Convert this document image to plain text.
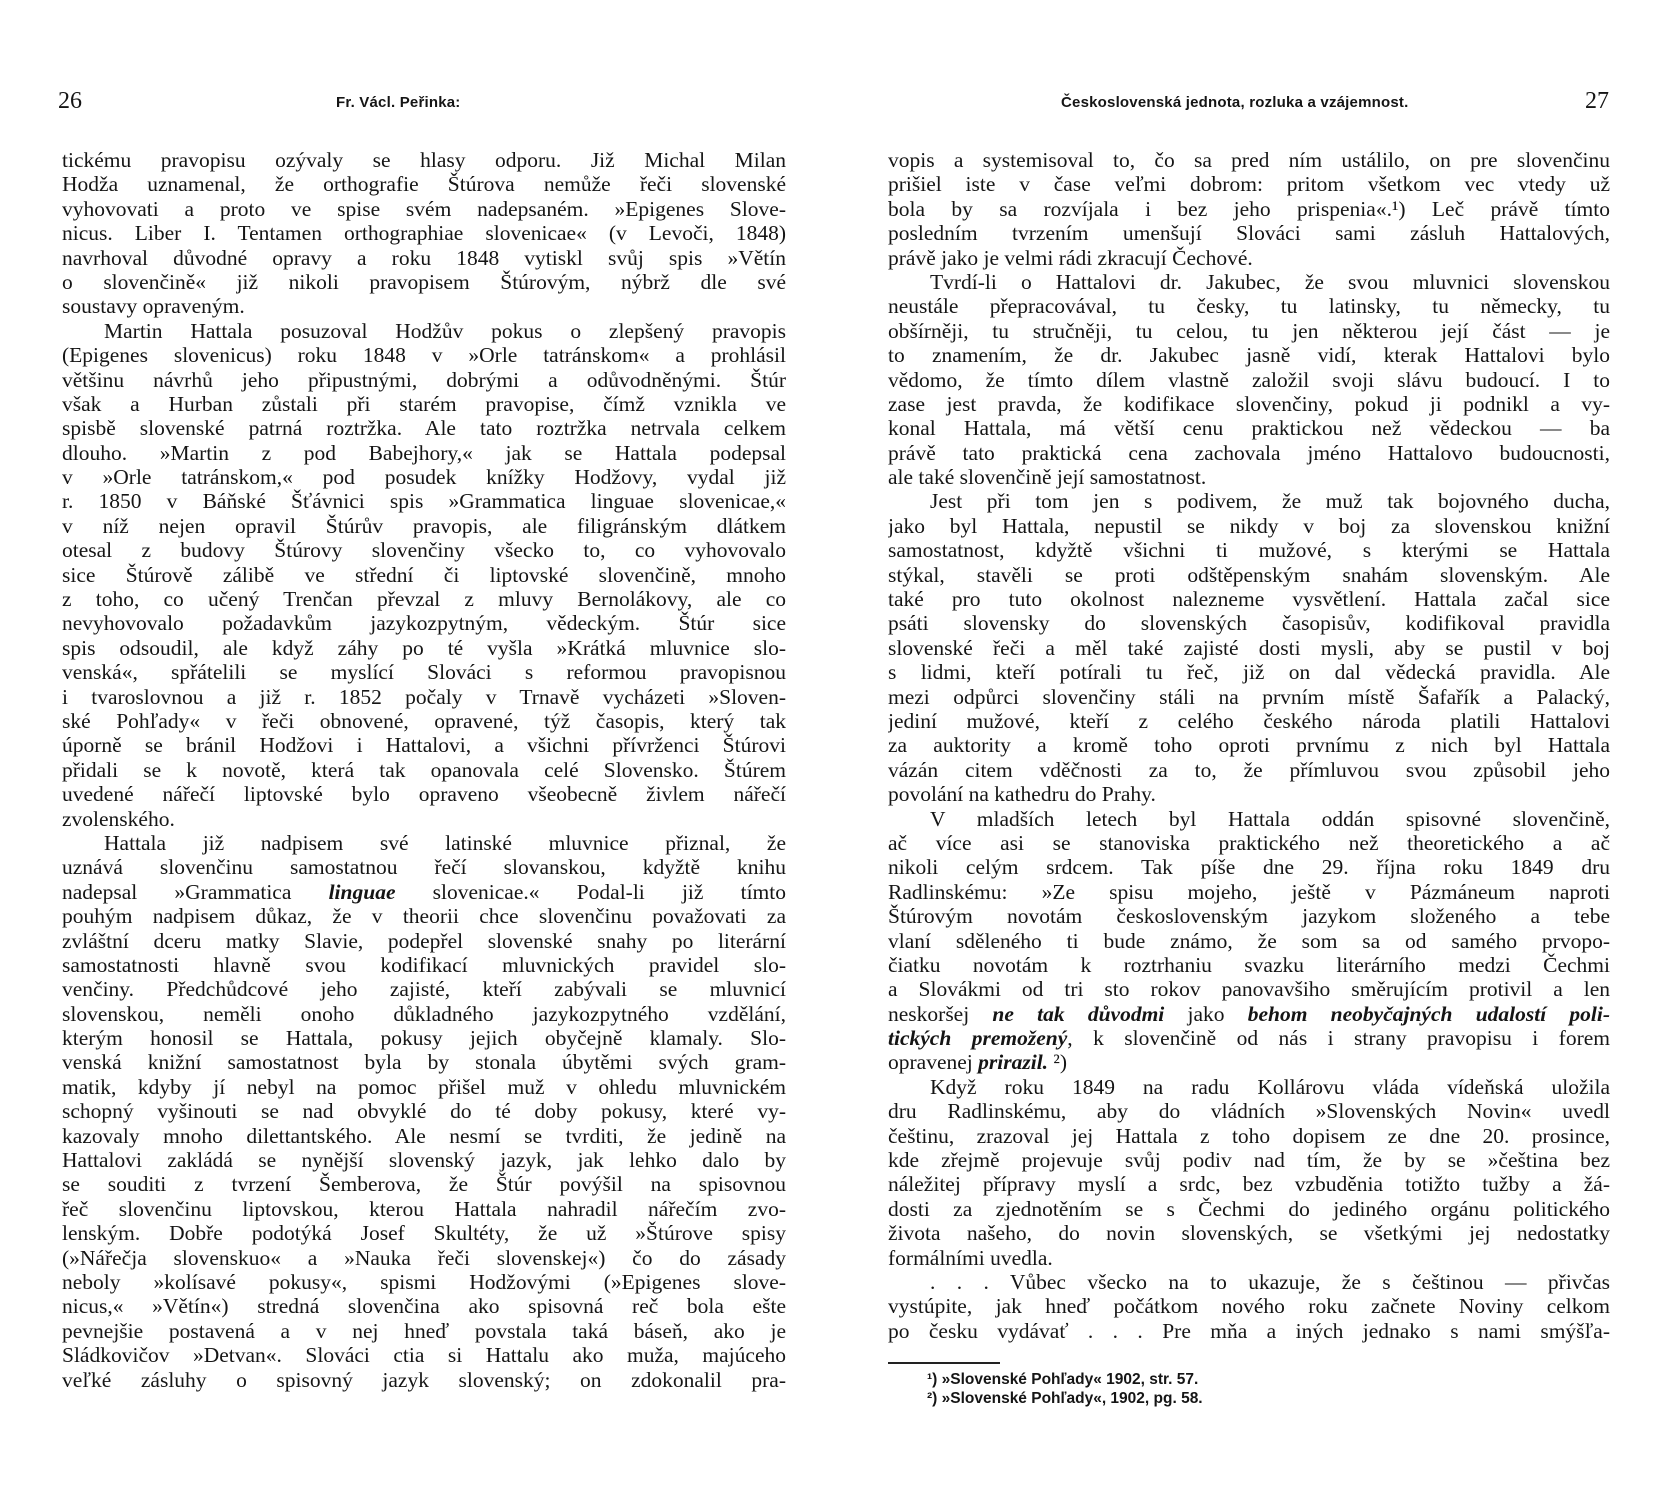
26	Fr. Václ. Peřinka:
tickému pravopisu ozývaly se hlasy odporu. Již Michal Milan
Hodža uznamenal, že orthografie Štúrova nemůže řeči slovenské
vyhovovati a proto ve spise svém nadepsaném. »Epigenes Slove-
nicus. Liber I. Tentamen orthographiae slovenicae« (v Levoči, 1848)
navrhoval důvodné opravy a roku 1848 vytiskl svůj spis »Větín
o slovenčině« již nikoli pravopisem Štúrovým, nýbrž dle své
soustavy opraveným.
Martin Hattala posuzoval Hodžův pokus o zlepšený pravopis
(Epigenes slovenicus) roku 1848 v »Orle tatránskom« a prohlásil
většinu návrhů jeho připustnými, dobrými a odůvodněnými. Štúr
však a Hurban zůstali při starém pravopise, čímž vznikla ve
spisbě slovenské patrná roztržka. Ale tato roztržka netrvala celkem
dlouho. »Martin z pod Babejhory,« jak se Hattala podepsal
v »Orle tatránskom,« pod posudek knížky Hodžovy, vydal již
r. 1850 v Báňské Šťávnici spis »Grammatica linguae slovenicae,«
v níž nejen opravil Štúrův pravopis, ale filigránským dlátkem
otesal z budovy Štúrovy slovenčiny všecko to, co vyhovovalo
sice Štúrově zálibě ve střední či liptovské slovenčině, mnoho
z toho, co učený Trenčan převzal z mluvy Bernolákovy, ale co
nevyhovovalo požadavkům jazykozpytným, vědeckým. Štúr sice
spis odsoudil, ale když záhy po té vyšla »Krátká mluvnice slo-
venská«, spřátelili se myslící Slováci s reformou pravopisnou
i tvaroslovnou a již r. 1852 počaly v Trnavě vycházeti »Sloven-
ské Pohľady« v řeči obnovené, opravené, týž časopis, který tak
úporně se bránil Hodžovi i Hattalovi, a všichni přívrženci Štúrovi
přidali se k novotě, která tak opanovala celé Slovensko. Štúrem
uvedené nářečí liptovské bylo opraveno všeobecně živlem nářečí
zvolenského.
Hattala již nadpisem své latinské mluvnice přiznal, že
uznává slovenčinu samostatnou řečí slovanskou, kdyžtě knihu
nadepsal »Grammatica linguae slovenicae.« Podal-li již tímto
pouhým nadpisem důkaz, že v theorii chce slovenčinu považovati za
zvláštní dceru matky Slavie, podepřel slovenské snahy po literární
samostatnosti hlavně svou kodifikací mluvnických pravidel slo-
venčiny. Předchůdcové jeho zajisté, kteří zabývali se mluvnicí
slovenskou, neměli onoho důkladného jazykozpytného vzdělání,
kterým honosil se Hattala, pokusy jejich obyčejně klamaly. Slo-
venská knižní samostatnost byla by stonala úbytěmi svých gram-
matik, kdyby jí nebyl na pomoc přišel muž v ohledu mluvnickém
schopný vyšinouti se nad obvyklé do té doby pokusy, které vy-
kazovaly mnoho dilettantského. Ale nesmí se tvrditi, že jedině na
Hattalovi zakládá se nynější slovenský jazyk, jak lehko dalo by
se souditi z tvrzení Šemberova, že Štúr povýšil na spisovnou
řeč slovenčinu liptovskou, kterou Hattala nahradil nářečím zvo-
lenským. Dobře podotýká Josef Skultéty, že už »Štúrove spisy
(»Nářečja slovenskuo« a »Nauka řeči slovenskej«) čo do zásady
neboly »kolísavé pokusy«, spismi Hodžovými (»Epigenes slove-
nicus,« »Větín«) stredná slovenčina ako spisovná reč bola ešte
pevnejšie postavená a v nej hneď povstala taká báseň, ako je
Sládkovičov »Detvan«. Slováci ctia si Hattalu ako muža, majúceho
veľké zásluhy o spisovný jazyk slovenský; on zdokonalil pra-
Československá jednota, rozluka a vzájemnost.	27
vopis a systemisoval to, čo sa pred ním ustálilo, on pre slovenčinu
prišiel iste v čase veľmi dobrom: pritom všetkom vec vtedy už
bola by sa rozvíjala i bez jeho prispenia«.¹) Leč právě tímto
posledním tvrzením umenšují Slováci sami zásluh Hattalových,
právě jako je velmi rádi zkracují Čechové.
Tvrdí-li o Hattalovi dr. Jakubec, že svou mluvnici slovenskou
neustále přepracovával, tu česky, tu latinsky, tu německy, tu
obšírněji, tu stručněji, tu celou, tu jen některou její část — je
to znamením, že dr. Jakubec jasně vidí, kterak Hattalovi bylo
vědomo, že tímto dílem vlastně založil svoji slávu budoucí. I to
zase jest pravda, že kodifikace slovenčiny, pokud ji podnikl a vy-
konal Hattala, má větší cenu praktickou než vědeckou — ba
právě tato praktická cena zachovala jméno Hattalovo budoucnosti,
ale také slovenčině její samostatnost.
Jest při tom jen s podivem, že muž tak bojovného ducha,
jako byl Hattala, nepustil se nikdy v boj za slovenskou knižní
samostatnost, kdyžtě všichni ti mužové, s kterými se Hattala
stýkal, stavěli se proti odštěpenským snahám slovenským. Ale
také pro tuto okolnost nalezneme vysvětlení. Hattala začal sice
psáti slovensky do slovenských časopisův, kodifikoval pravidla
slovenské řeči a měl také zajisté dosti mysli, aby se pustil v boj
s lidmi, kteří potírali tu řeč, již on dal vědecká pravidla. Ale
mezi odpůrci slovenčiny stáli na prvním místě Šafařík a Palacký,
jediní mužové, kteří z celého českého národa platili Hattalovi
za auktority a kromě toho oproti prvnímu z nich byl Hattala
vázán citem vděčnosti za to, že přímluvou svou způsobil jeho
povolání na kathedru do Prahy.
V mladších letech byl Hattala oddán spisovné slovenčině,
ač více asi se stanoviska praktického než theoretického a ač
nikoli celým srdcem. Tak píše dne 29. října roku 1849 dru
Radlinskému: »Ze spisu mojeho, ještě v Pázmáneum naproti
Štúrovým novotám československým jazykom složeného a tebe
vlaní sděleného ti bude známo, že som sa od samého prvopo-
čiatku novotám k roztrhaniu svazku literárního medzi Čechmi
a Slovákmi od tri sto rokov panovavšiho směrujícím protivil a len
neskoršej ne tak důvodmi jako behom neobyčajných udalostí poli-
tických premožený, k slovenčině od nás i strany pravopisu i forem
opravenej prirazil. ²)
Když roku 1849 na radu Kollárovu vláda vídeňská uložila
dru Radlinskému, aby do vládních »Slovenských Novin« uvedl
češtinu, zrazoval jej Hattala z toho dopisem ze dne 20. prosince,
kde zřejmě projevuje svůj podiv nad tím, že by se »čeština bez
náležitej přípravy myslí a srdc, bez vzbuděnia totižto tužby a žá-
dosti za zjednotěním se s Čechmi do jediného orgánu politického
života našeho, do novin slovenských, se všetkými jej nedostatky
formálními uvedla.
. . . Vůbec všecko na to ukazuje, že s češtinou — přivčas
vystúpite, jak hneď počátkom nového roku začnete Noviny celkom
po česku vydávať . . . Pre mňa a iných jednako s nami smýšľa-
¹) »Slovenské Pohľady« 1902, str. 57.
²) »Slovenské Pohľady«, 1902, pg. 58.
